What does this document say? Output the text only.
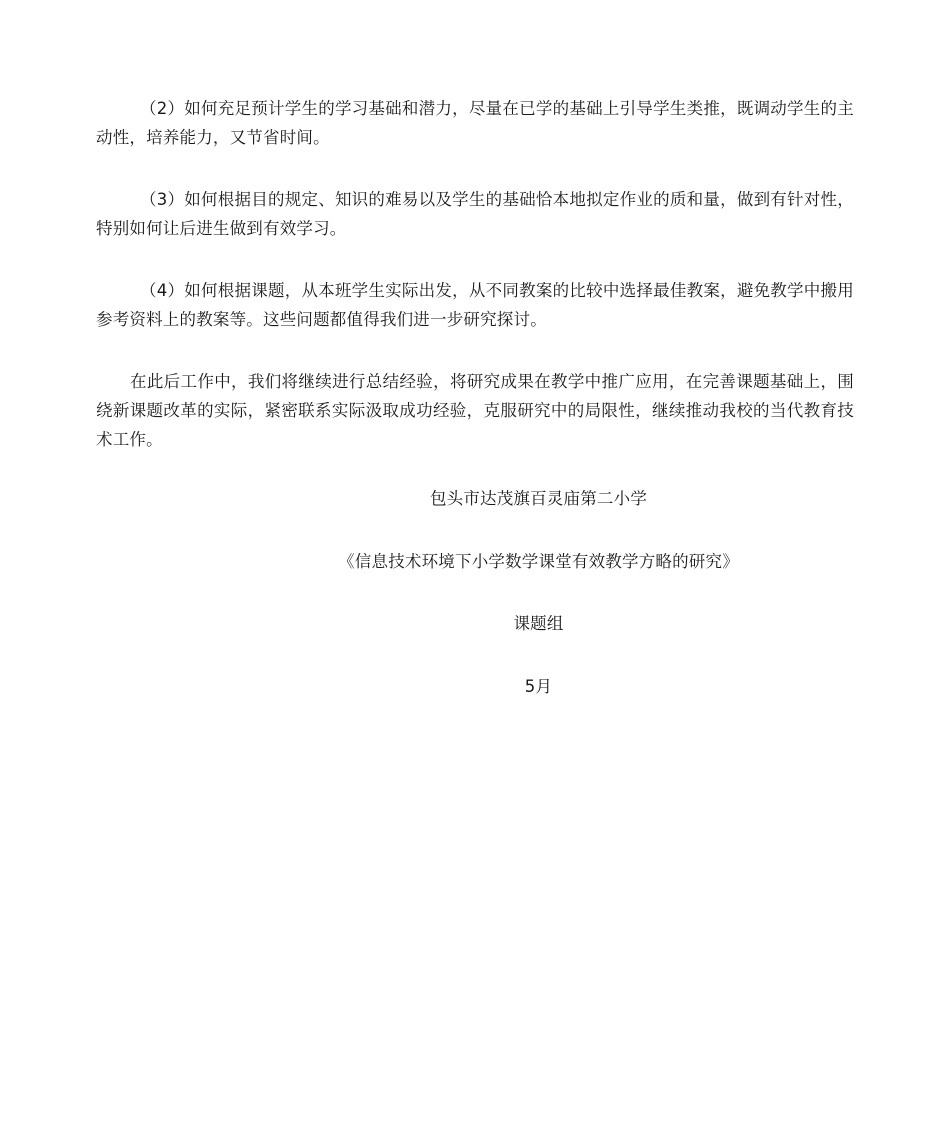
（2）如何充足预计学生的学习基础和潜力，尽量在已学的基础上引导学生类推，既调动学生的主动性，培养能力，又节省时间。

（3）如何根据目的规定、知识的难易以及学生的基础恰本地拟定作业的质和量，做到有针对性，特别如何让后进生做到有效学习。

（4）如何根据课题，从本班学生实际出发，从不同教案的比较中选择最佳教案，避免教学中搬用参考资料上的教案等。这些问题都值得我们进一步研究探讨。

在此后工作中，我们将继续进行总结经验，将研究成果在教学中推广应用，在完善课题基础上，围绕新课题改革的实际，紧密联系实际汲取成功经验，克服研究中的局限性，继续推动我校的当代教育技术工作。

包头市达茂旗百灵庙第二小学

《信息技术环境下小学数学课堂有效教学方略的研究》

课题组

5月
